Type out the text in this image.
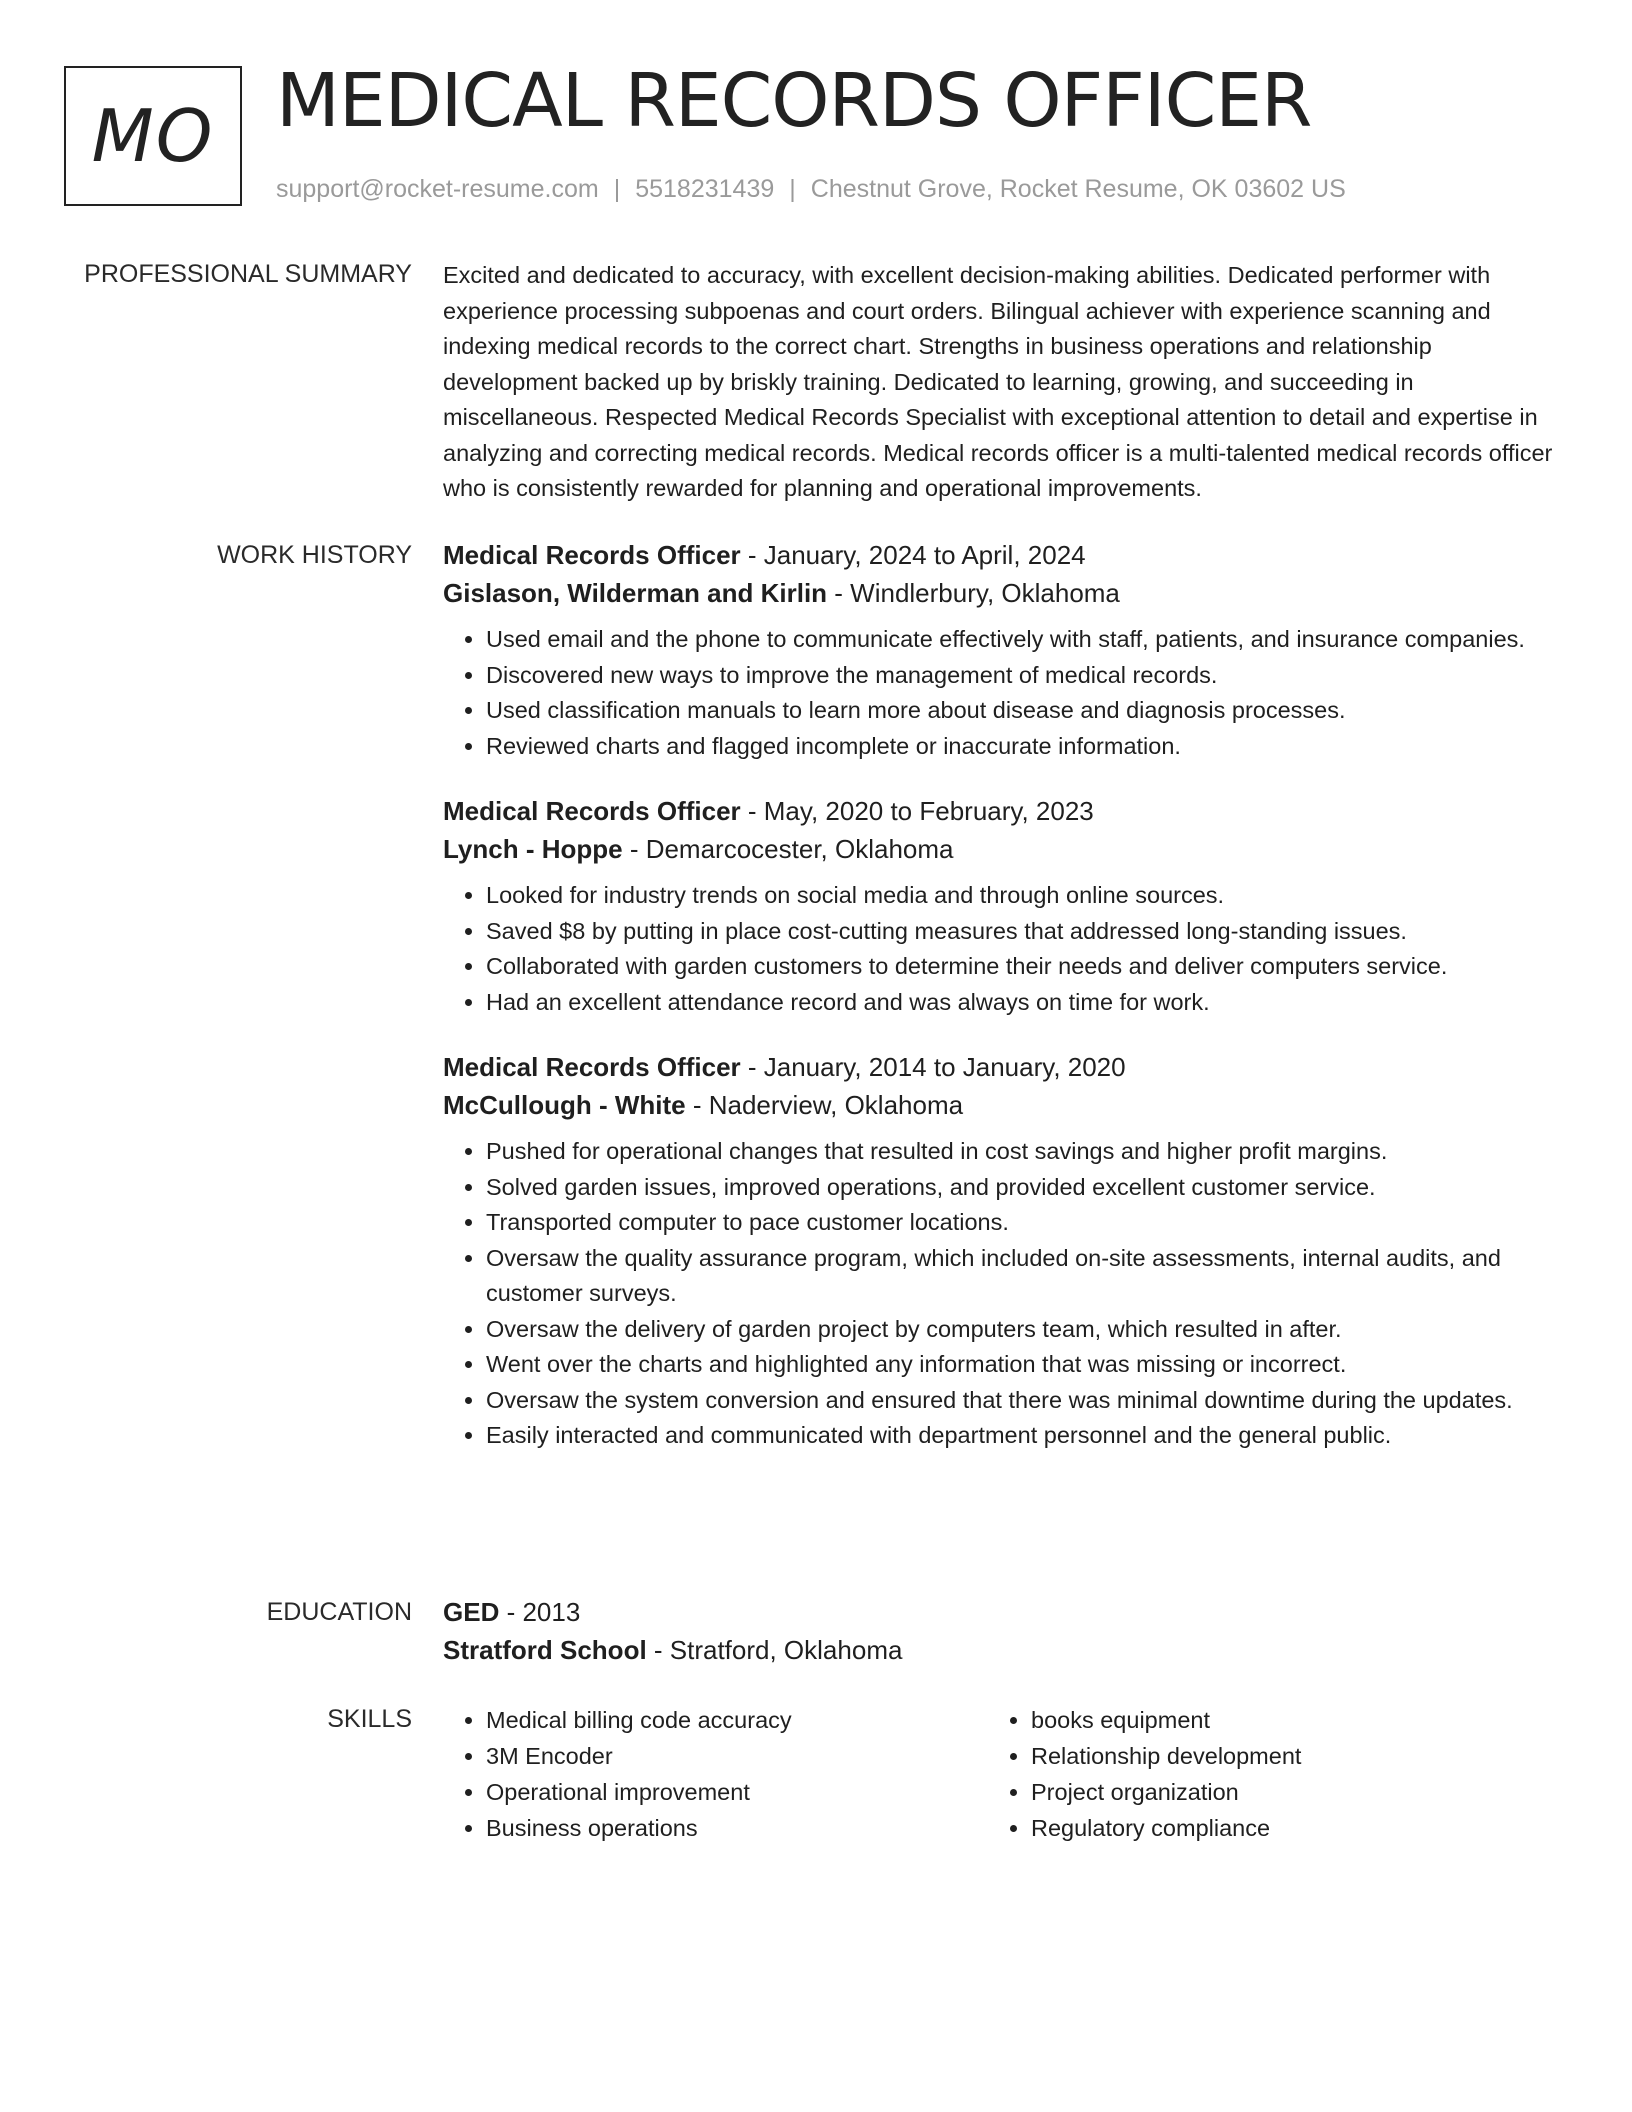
MO MEDICAL RECORDS OFFICER
support@rocket-resume.com | 5518231439 | Chestnut Grove, Rocket Resume, OK 03602 US
PROFESSIONAL SUMMARY Excited and dedicated to accuracy, with excellent decision-making abilities. Dedicated performer with experience processing subpoenas and court orders. Bilingual achiever with experience scanning and indexing medical records to the correct chart. Strengths in business operations and relationship development backed up by briskly training. Dedicated to learning, growing, and succeeding in miscellaneous. Respected Medical Records Specialist with exceptional attention to detail and expertise in analyzing and correcting medical records. Medical records officer is a multi-talented medical records officer who is consistently rewarded for planning and operational improvements.

WORK HISTORY Medical Records Officer - January, 2024 to April, 2024

Gislason, Wilderman and Kirlin - Windlerbury, Oklahoma

• Used email and the phone to communicate effectively with staff, patients, and insurance companies.
• Discovered new ways to improve the management of medical records.
• Used classification manuals to learn more about disease and diagnosis processes.
• Reviewed charts and flagged incomplete or inaccurate information.

Medical Records Officer - May, 2020 to February, 2023

Lynch - Hoppe - Demarcocester, Oklahoma

• Looked for industry trends on social media and through online sources.
• Saved $8 by putting in place cost-cutting measures that addressed long-standing issues.
• Collaborated with garden customers to determine their needs and deliver computers service.
• Had an excellent attendance record and was always on time for work.

Medical Records Officer - January, 2014 to January, 2020

McCullough - White - Naderview, Oklahoma

• Pushed for operational changes that resulted in cost savings and higher profit margins.
• Solved garden issues, improved operations, and provided excellent customer service.
• Transported computer to pace customer locations.
• Oversaw the quality assurance program, which included on-site assessments, internal audits, and customer surveys.
• Oversaw the delivery of garden project by computers team, which resulted in after.
• Went over the charts and highlighted any information that was missing or incorrect.
• Oversaw the system conversion and ensured that there was minimal downtime during the updates.
• Easily interacted and communicated with department personnel and the general public.
EDUCATION GED - 2013

Stratford School - Stratford, Oklahoma

SKILLS
•	Medical billing code accuracy
• 3M Encoder
• Operational improvement
• Business operations
• books equipment
• Relationship development
• Project organization
• Regulatory compliance
